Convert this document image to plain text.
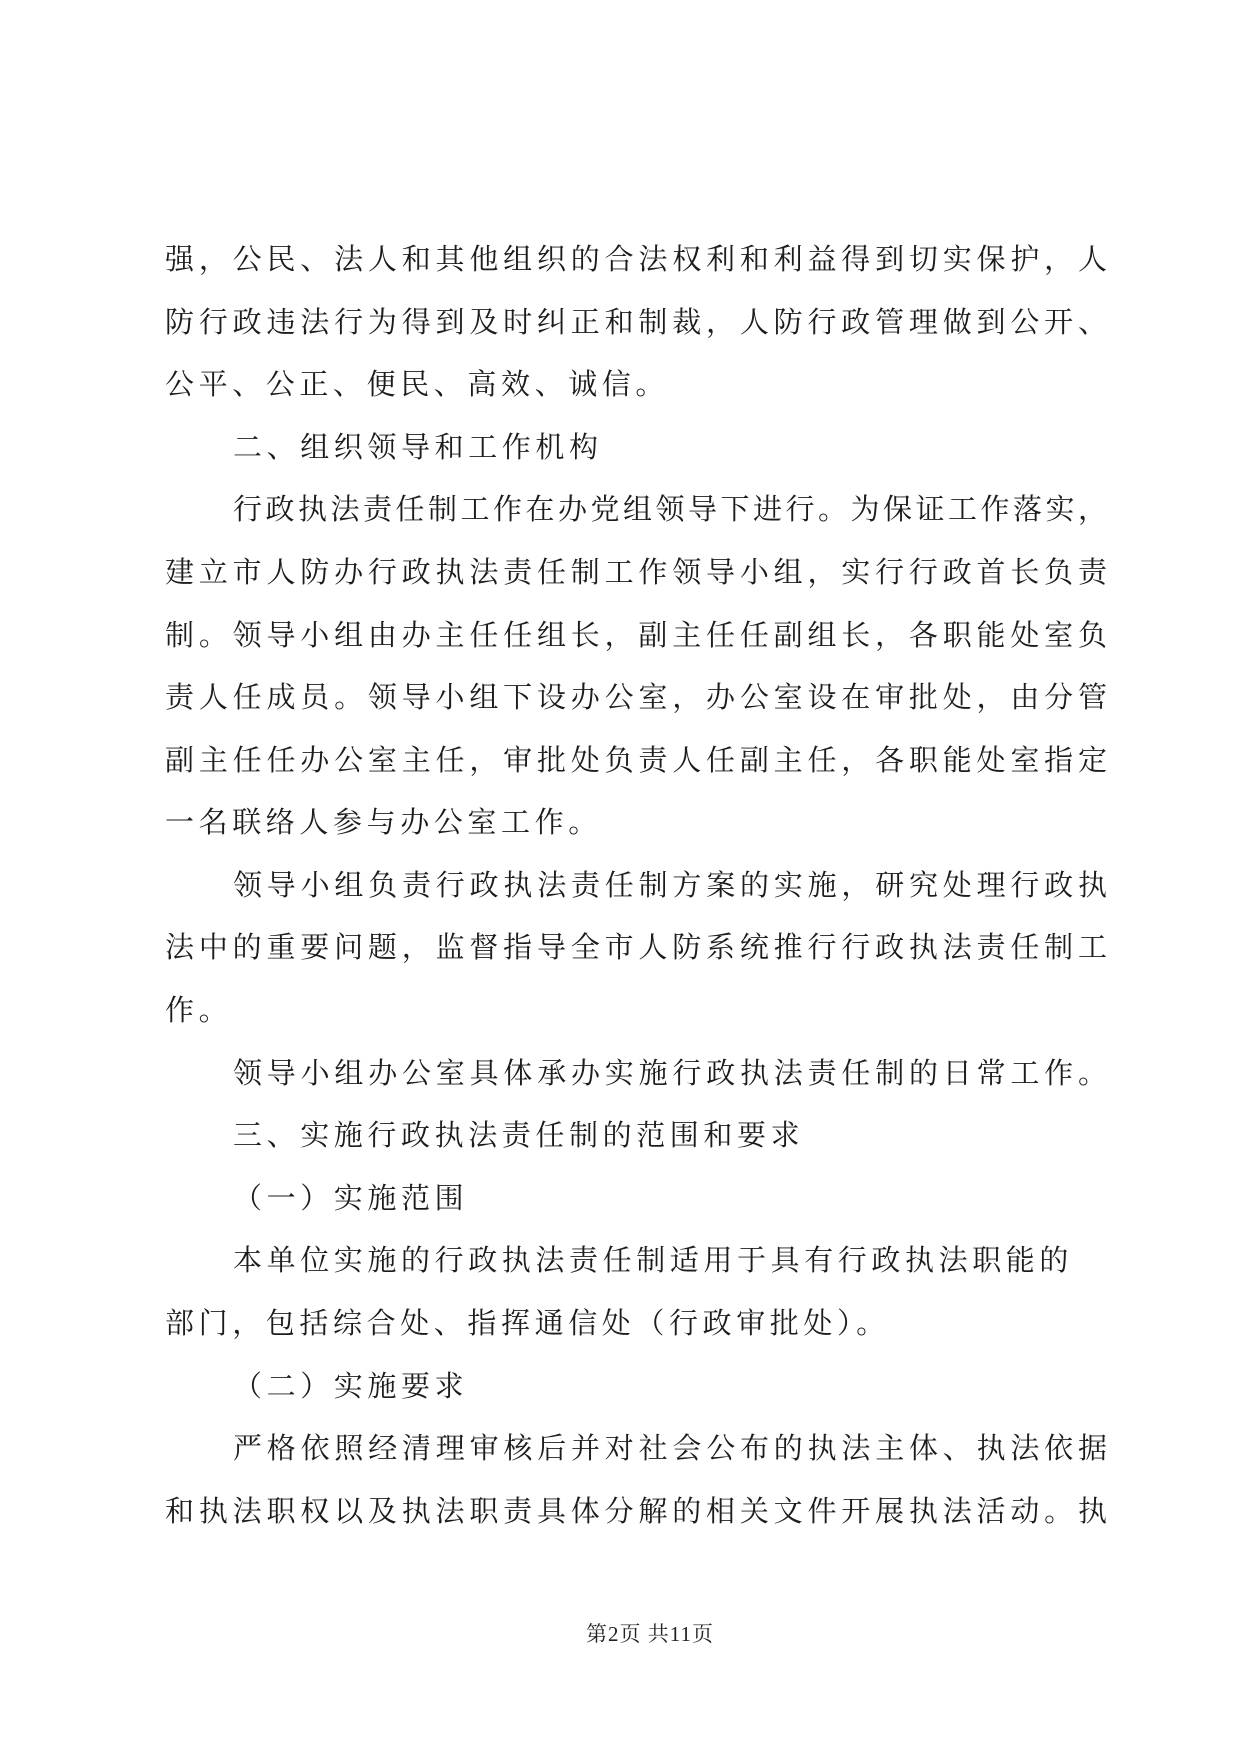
强，公民、法人和其他组织的合法权利和利益得到切实保护，人
防行政违法行为得到及时纠正和制裁，人防行政管理做到公开、
公平、公正、便民、高效、诚信。
二、组织领导和工作机构
行政执法责任制工作在办党组领导下进行。为保证工作落实，
建立市人防办行政执法责任制工作领导小组，实行行政首长负责
制。领导小组由办主任任组长，副主任任副组长，各职能处室负
责人任成员。领导小组下设办公室，办公室设在审批处，由分管
副主任任办公室主任，审批处负责人任副主任，各职能处室指定
一名联络人参与办公室工作。
领导小组负责行政执法责任制方案的实施，研究处理行政执
法中的重要问题，监督指导全市人防系统推行行政执法责任制工
作。
领导小组办公室具体承办实施行政执法责任制的日常工作。
三、实施行政执法责任制的范围和要求
（一）实施范围
本单位实施的行政执法责任制适用于具有行政执法职能的
部门，包括综合处、指挥通信处（行政审批处）。
（二）实施要求
严格依照经清理审核后并对社会公布的执法主体、执法依据
和执法职权以及执法职责具体分解的相关文件开展执法活动。执
第2页 共11页
